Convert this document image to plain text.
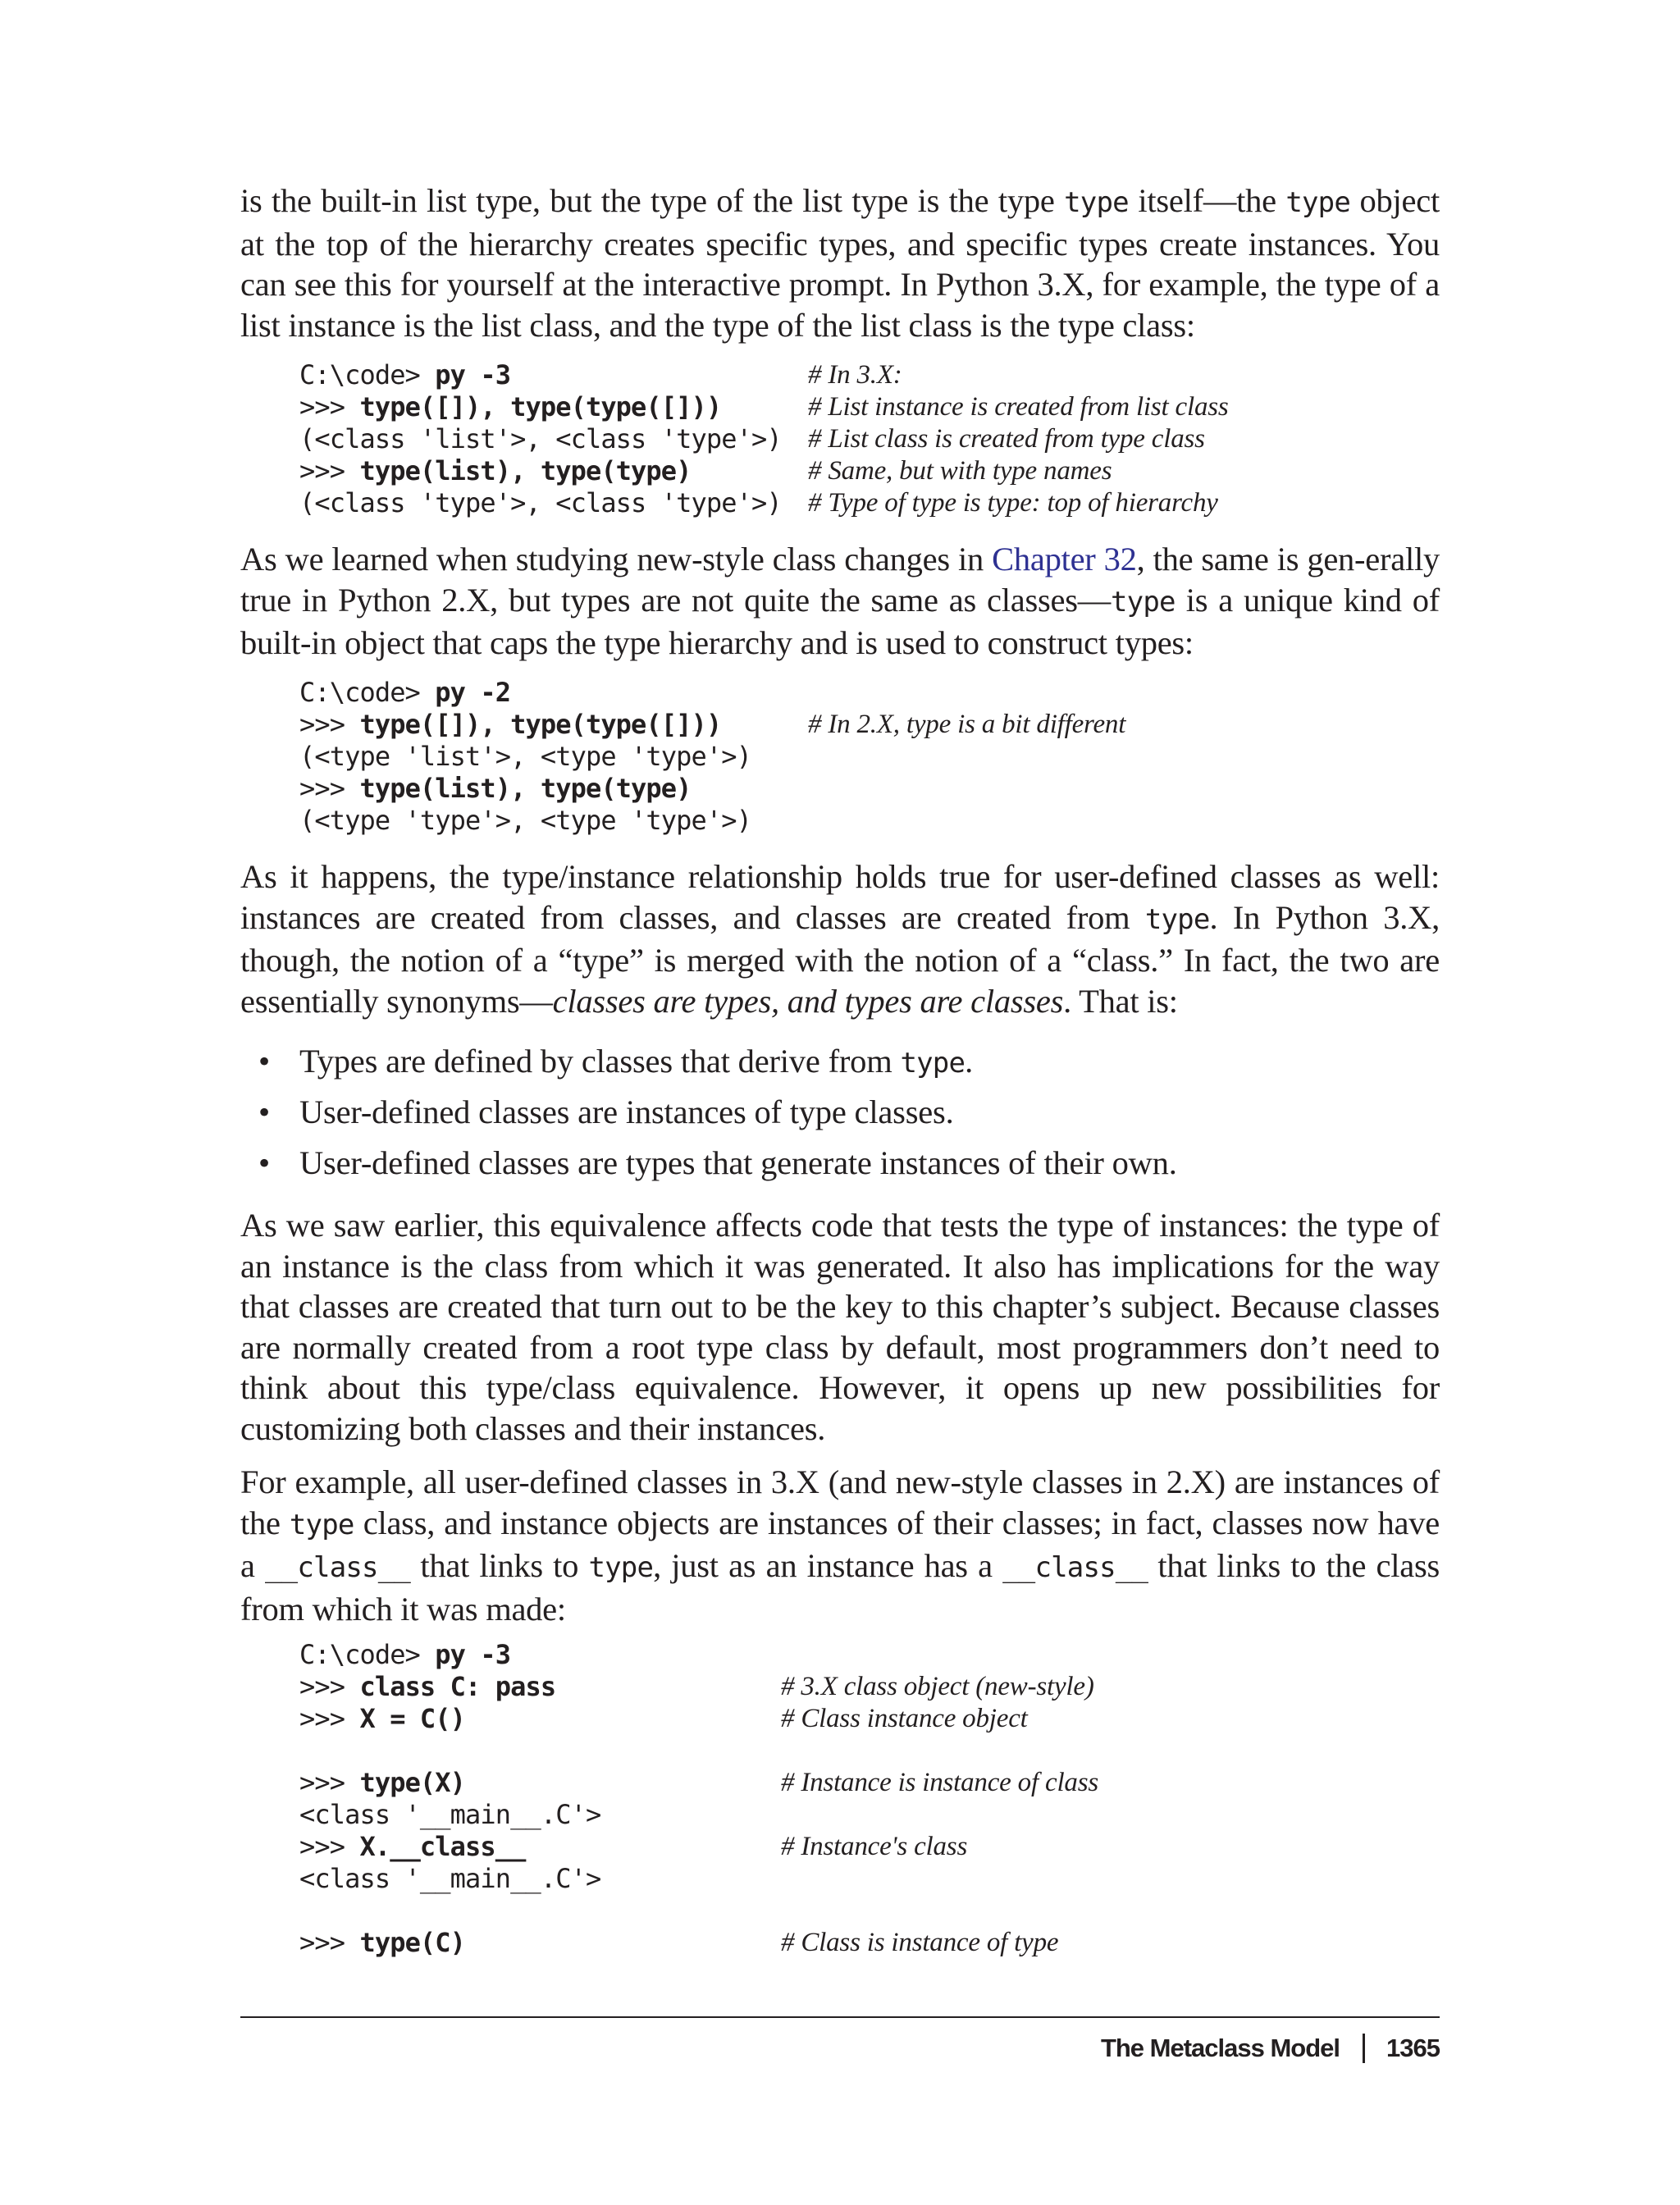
is the built-in list type, but the type of the list type is the type type itself—the type object at the top of the hierarchy creates specific types, and specific types create instances. You can see this for yourself at the interactive prompt. In Python 3.X, for example, the type of a list instance is the list class, and the type of the list class is the type class:

C:\code> py -3	# In 3.X:
>>> type([]), type(type([]))	# List instance is created from list class
(<class 'list'>, <class 'type'>) # List class is created from type class
>>> type(list), type(type)	# Same, but with type names
(<class 'type'>, <class 'type'>) # Type of type is type: top of hierarchy

As we learned when studying new-style class changes in Chapter 32, the same is gen-erally true in Python 2.X, but types are not quite the same as classes—type is a unique kind of built-in object that caps the type hierarchy and is used to construct types:

C:\code> py -2
>>> type([]), type(type([]))	# In 2.X, type is a bit different
(<type 'list'>, <type 'type'>)
>>> type(list), type(type)
(<type 'type'>, <type 'type'>)

As it happens, the type/instance relationship holds true for user-defined classes as well: instances are created from classes, and classes are created from type. In Python 3.X, though, the notion of a “type” is merged with the notion of a “class.” In fact, the two are essentially synonyms—classes are types, and types are classes. That is:

• Types are defined by classes that derive from type.
• User-defined classes are instances of type classes.
• User-defined classes are types that generate instances of their own.

As we saw earlier, this equivalence affects code that tests the type of instances: the type of an instance is the class from which it was generated. It also has implications for the way that classes are created that turn out to be the key to this chapter’s subject. Because classes are normally created from a root type class by default, most programmers don’t need to think about this type/class equivalence. However, it opens up new possibilities for customizing both classes and their instances.

For example, all user-defined classes in 3.X (and new-style classes in 2.X) are instances of the type class, and instance objects are instances of their classes; in fact, classes now have a __class__ that links to type, just as an instance has a __class__ that links to the class from which it was made:

C:\code> py -3
>>> class C: pass	# 3.X class object (new-style)
>>> X = C()	# Class instance object
>>> type(X)	# Instance is instance of class
<class '__main__.C'>
>>> X.__class__	# Instance's class
<class '__main__.C'>
>>> type(C)	# Class is instance of type
The Metaclass Model 1365
